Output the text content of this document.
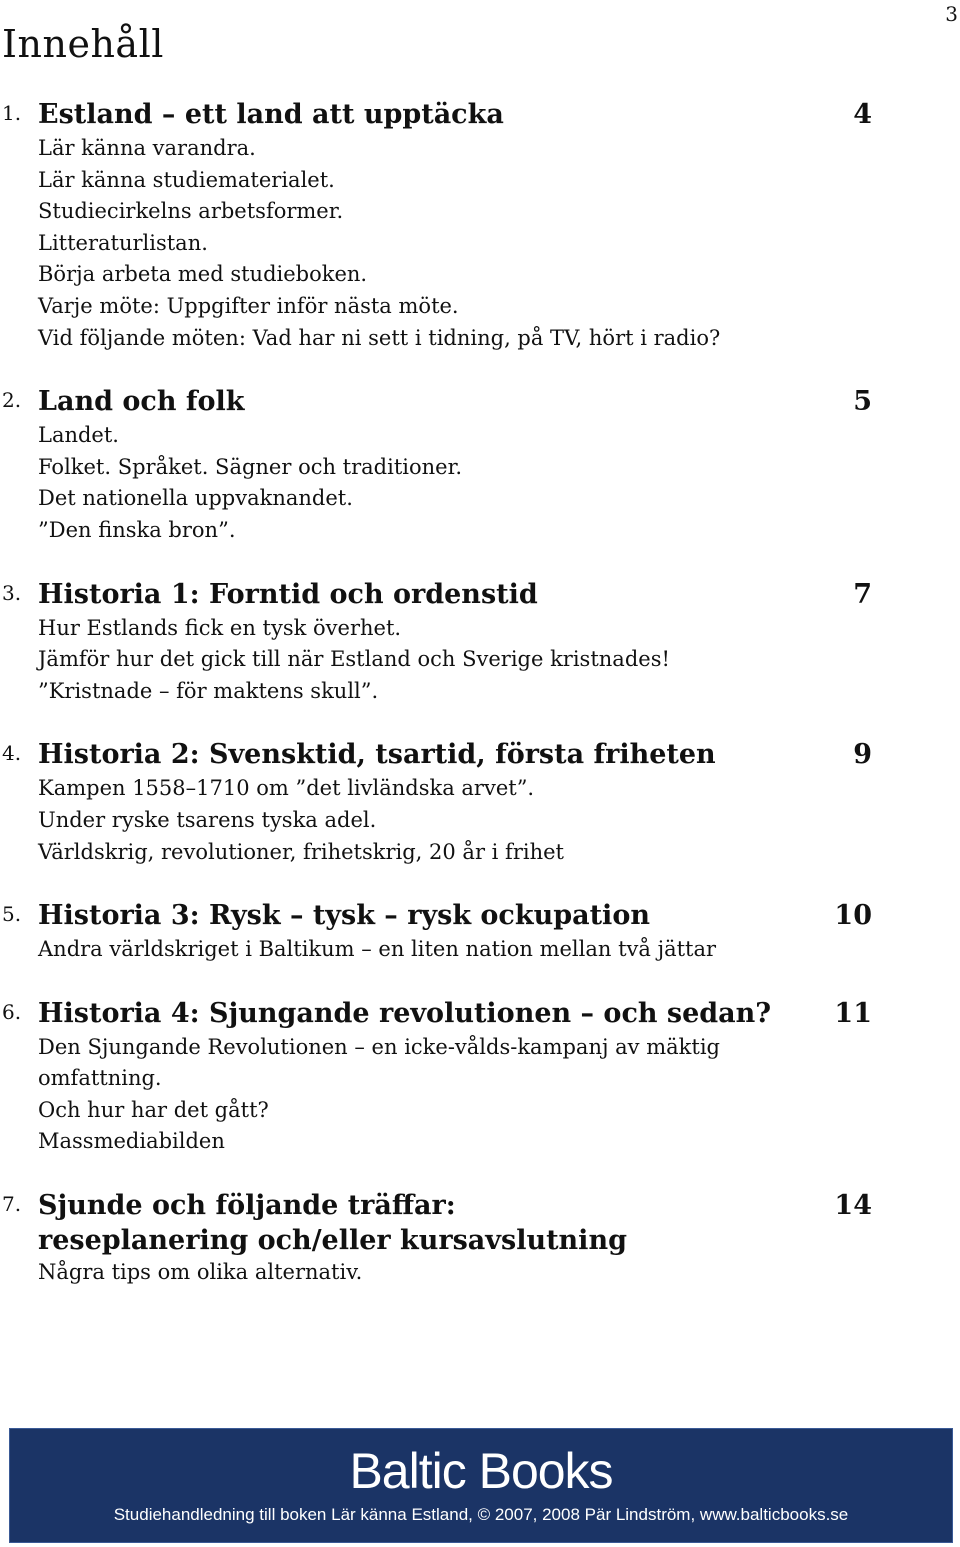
3
Innehåll
1. Estland – ett land att upptäcka	4
Lär känna varandra.
Lär känna studiematerialet.
Studiecirkelns arbetsformer.
Litteraturlistan.
Börja arbeta med studieboken.
Varje möte: Uppgifter inför nästa möte.
Vid följande möten: Vad har ni sett i tidning, på TV, hört i radio?
2. Land och folk	5
Landet.
Folket. Språket. Sägner och traditioner.
Det nationella uppvaknandet.
”Den finska bron”.
3. Historia 1: Forntid och ordenstid	7
Hur Estlands fick en tysk överhet.
Jämför hur det gick till när Estland och Sverige kristnades!
”Kristnade – för maktens skull”.
4. Historia 2: Svensktid, tsartid, första friheten	9
Kampen 1558–1710 om ”det livländska arvet”.
Under ryske tsarens tyska adel.
Världskrig, revolutioner, frihetskrig, 20 år i frihet
5. Historia 3: Rysk – tysk – rysk ockupation	10
Andra världskriget i Baltikum – en liten nation mellan två jättar
6. Historia 4: Sjungande revolutionen – och sedan? 11
Den Sjungande Revolutionen – en icke-vålds-kampanj av mäktig
omfattning.
Och hur har det gått?
Massmediabilden
7. Sjunde och följande träffar:	14
reseplanering och/eller kursavslutning
Några tips om olika alternativ.
Baltic Books
Studiehandledning till boken Lär känna Estland, © 2007, 2008 Pär Lindström, www.balticbooks.se
